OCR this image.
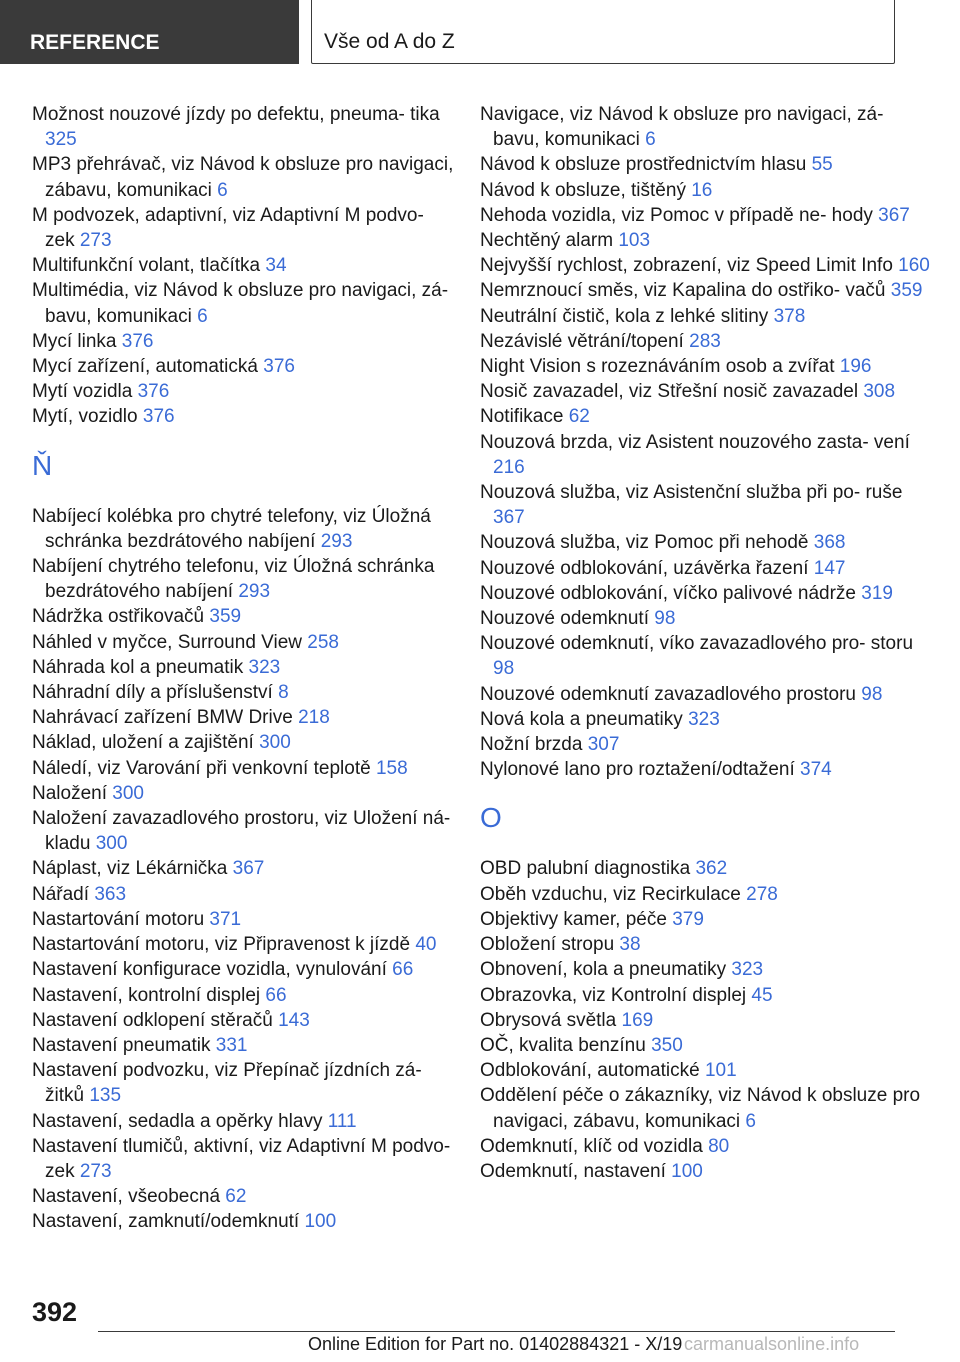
REFERENCE	Vše od A do Z
Možnost nouzové jízdy po defektu, pneuma- tika 325
MP3 přehrávač, viz Návod k obsluze pro navigaci, zábavu, komunikaci 6
M podvozek, adaptivní, viz Adaptivní M podvo- zek 273
Multifunkční volant, tlačítka 34
Multimédia, viz Návod k obsluze pro navigaci, zá- bavu, komunikaci 6
Mycí linka 376
Mycí zařízení, automatická 376
Mytí vozidla 376
Mytí, vozidlo 376
Ň
Nabíjecí kolébka pro chytré telefony, viz Úložná schránka bezdrátového nabíjení 293
Nabíjení chytrého telefonu, viz Úložná schránka bezdrátového nabíjení 293
Nádržka ostřikovačů 359
Náhled v myčce, Surround View 258
Náhrada kol a pneumatik 323
Náhradní díly a příslušenství 8
Nahrávací zařízení BMW Drive 218
Náklad, uložení a zajištění 300
Náledí, viz Varování při venkovní teplotě 158
Naložení 300
Naložení zavazadlového prostoru, viz Uložení ná- kladu 300
Náplast, viz Lékárnička 367
Nářadí 363
Nastartování motoru 371
Nastartování motoru, viz Připravenost k jízdě 40
Nastavení konfigurace vozidla, vynulování 66
Nastavení, kontrolní displej 66
Nastavení odklopení stěračů 143
Nastavení pneumatik 331
Nastavení podvozku, viz Přepínač jízdních zá- žitků 135
Nastavení, sedadla a opěrky hlavy 111
Nastavení tlumičů, aktivní, viz Adaptivní M podvo- zek 273
Nastavení, všeobecná 62
Nastavení, zamknutí/odemknutí 100
Navigace, viz Návod k obsluze pro navigaci, zá- bavu, komunikaci 6
Návod k obsluze prostřednictvím hlasu 55
Návod k obsluze, tištěný 16
Nehoda vozidla, viz Pomoc v případě ne- hody 367
Nechtěný alarm 103
Nejvyšší rychlost, zobrazení, viz Speed Limit Info 160
Nemrznoucí směs, viz Kapalina do ostřiko- vačů 359
Neutrální čistič, kola z lehké slitiny 378
Nezávislé větrání/topení 283
Night Vision s rozeznáváním osob a zvířat 196
Nosič zavazadel, viz Střešní nosič zavazadel 308
Notifikace 62
Nouzová brzda, viz Asistent nouzového zasta- vení 216
Nouzová služba, viz Asistenční služba při po- ruše 367
Nouzová služba, viz Pomoc při nehodě 368
Nouzové odblokování, uzávěrka řazení 147
Nouzové odblokování, víčko palivové nádrže 319
Nouzové odemknutí 98
Nouzové odemknutí, víko zavazadlového pro- storu 98
Nouzové odemknutí zavazadlového prostoru 98
Nová kola a pneumatiky 323
Nožní brzda 307
Nylonové lano pro roztažení/odtažení 374
O
OBD palubní diagnostika 362
Oběh vzduchu, viz Recirkulace 278
Objektivy kamer, péče 379
Obložení stropu 38
Obnovení, kola a pneumatiky 323
Obrazovka, viz Kontrolní displej 45
Obrysová světla 169
OČ, kvalita benzínu 350
Odblokování, automatické 101
Oddělení péče o zákazníky, viz Návod k obsluze pro navigaci, zábavu, komunikaci 6
Odemknutí, klíč od vozidla 80
Odemknutí, nastavení 100
392
Online Edition for Part no. 01402884321 - X/19 carmanualsonline.info
